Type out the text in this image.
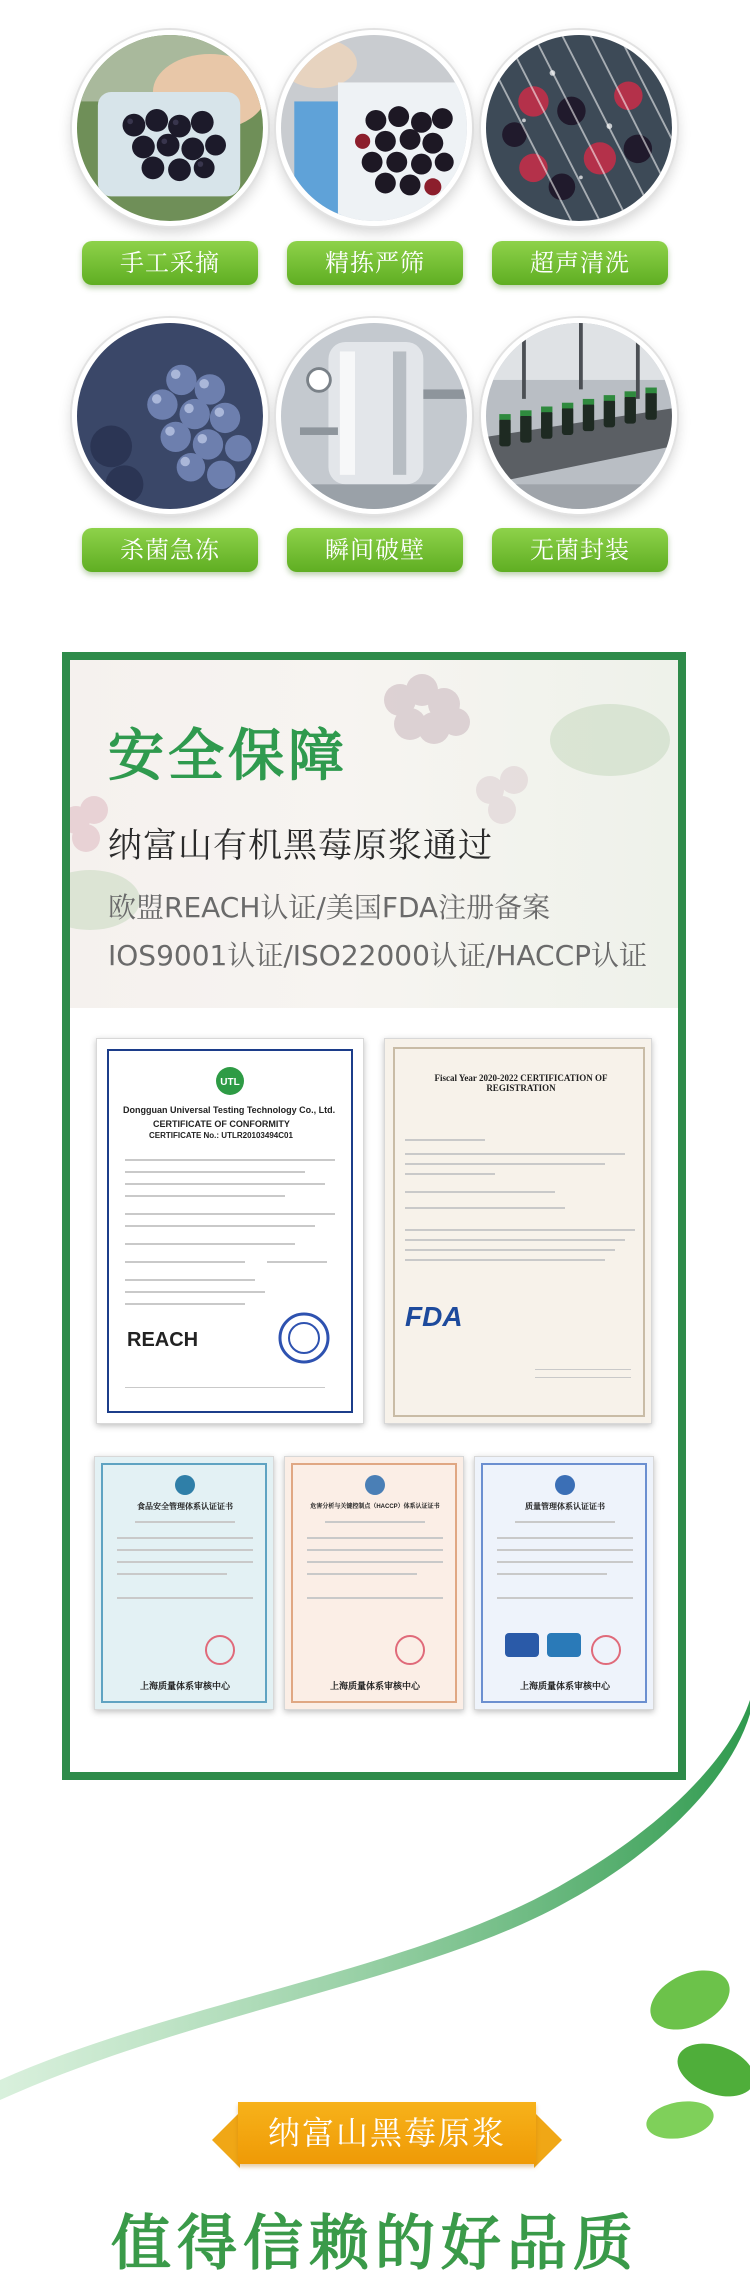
手工采摘	精拣严筛	超声清洗
杀菌急冻	瞬间破壁	无菌封装
安全保障
纳富山有机黑莓原浆通过
欧盟REACH认证/美国FDA注册备案
IOS9001认证/ISO22000认证/HACCP认证
UTL
Dongguan Universal Testing Technology Co., Ltd.
CERTIFICATE OF CONFORMITY
CERTIFICATE No.: UTLR20103494C01
REACH
Fiscal Year 2020-2022 CERTIFICATION OF REGISTRATION
FDA
食品安全管理体系认证证书
上海质量体系审核中心
危害分析与关键控制点（HACCP）体系认证证书
上海质量体系审核中心
质量管理体系认证证书
上海质量体系审核中心
纳富山黑莓原浆
值得信赖的好品质
